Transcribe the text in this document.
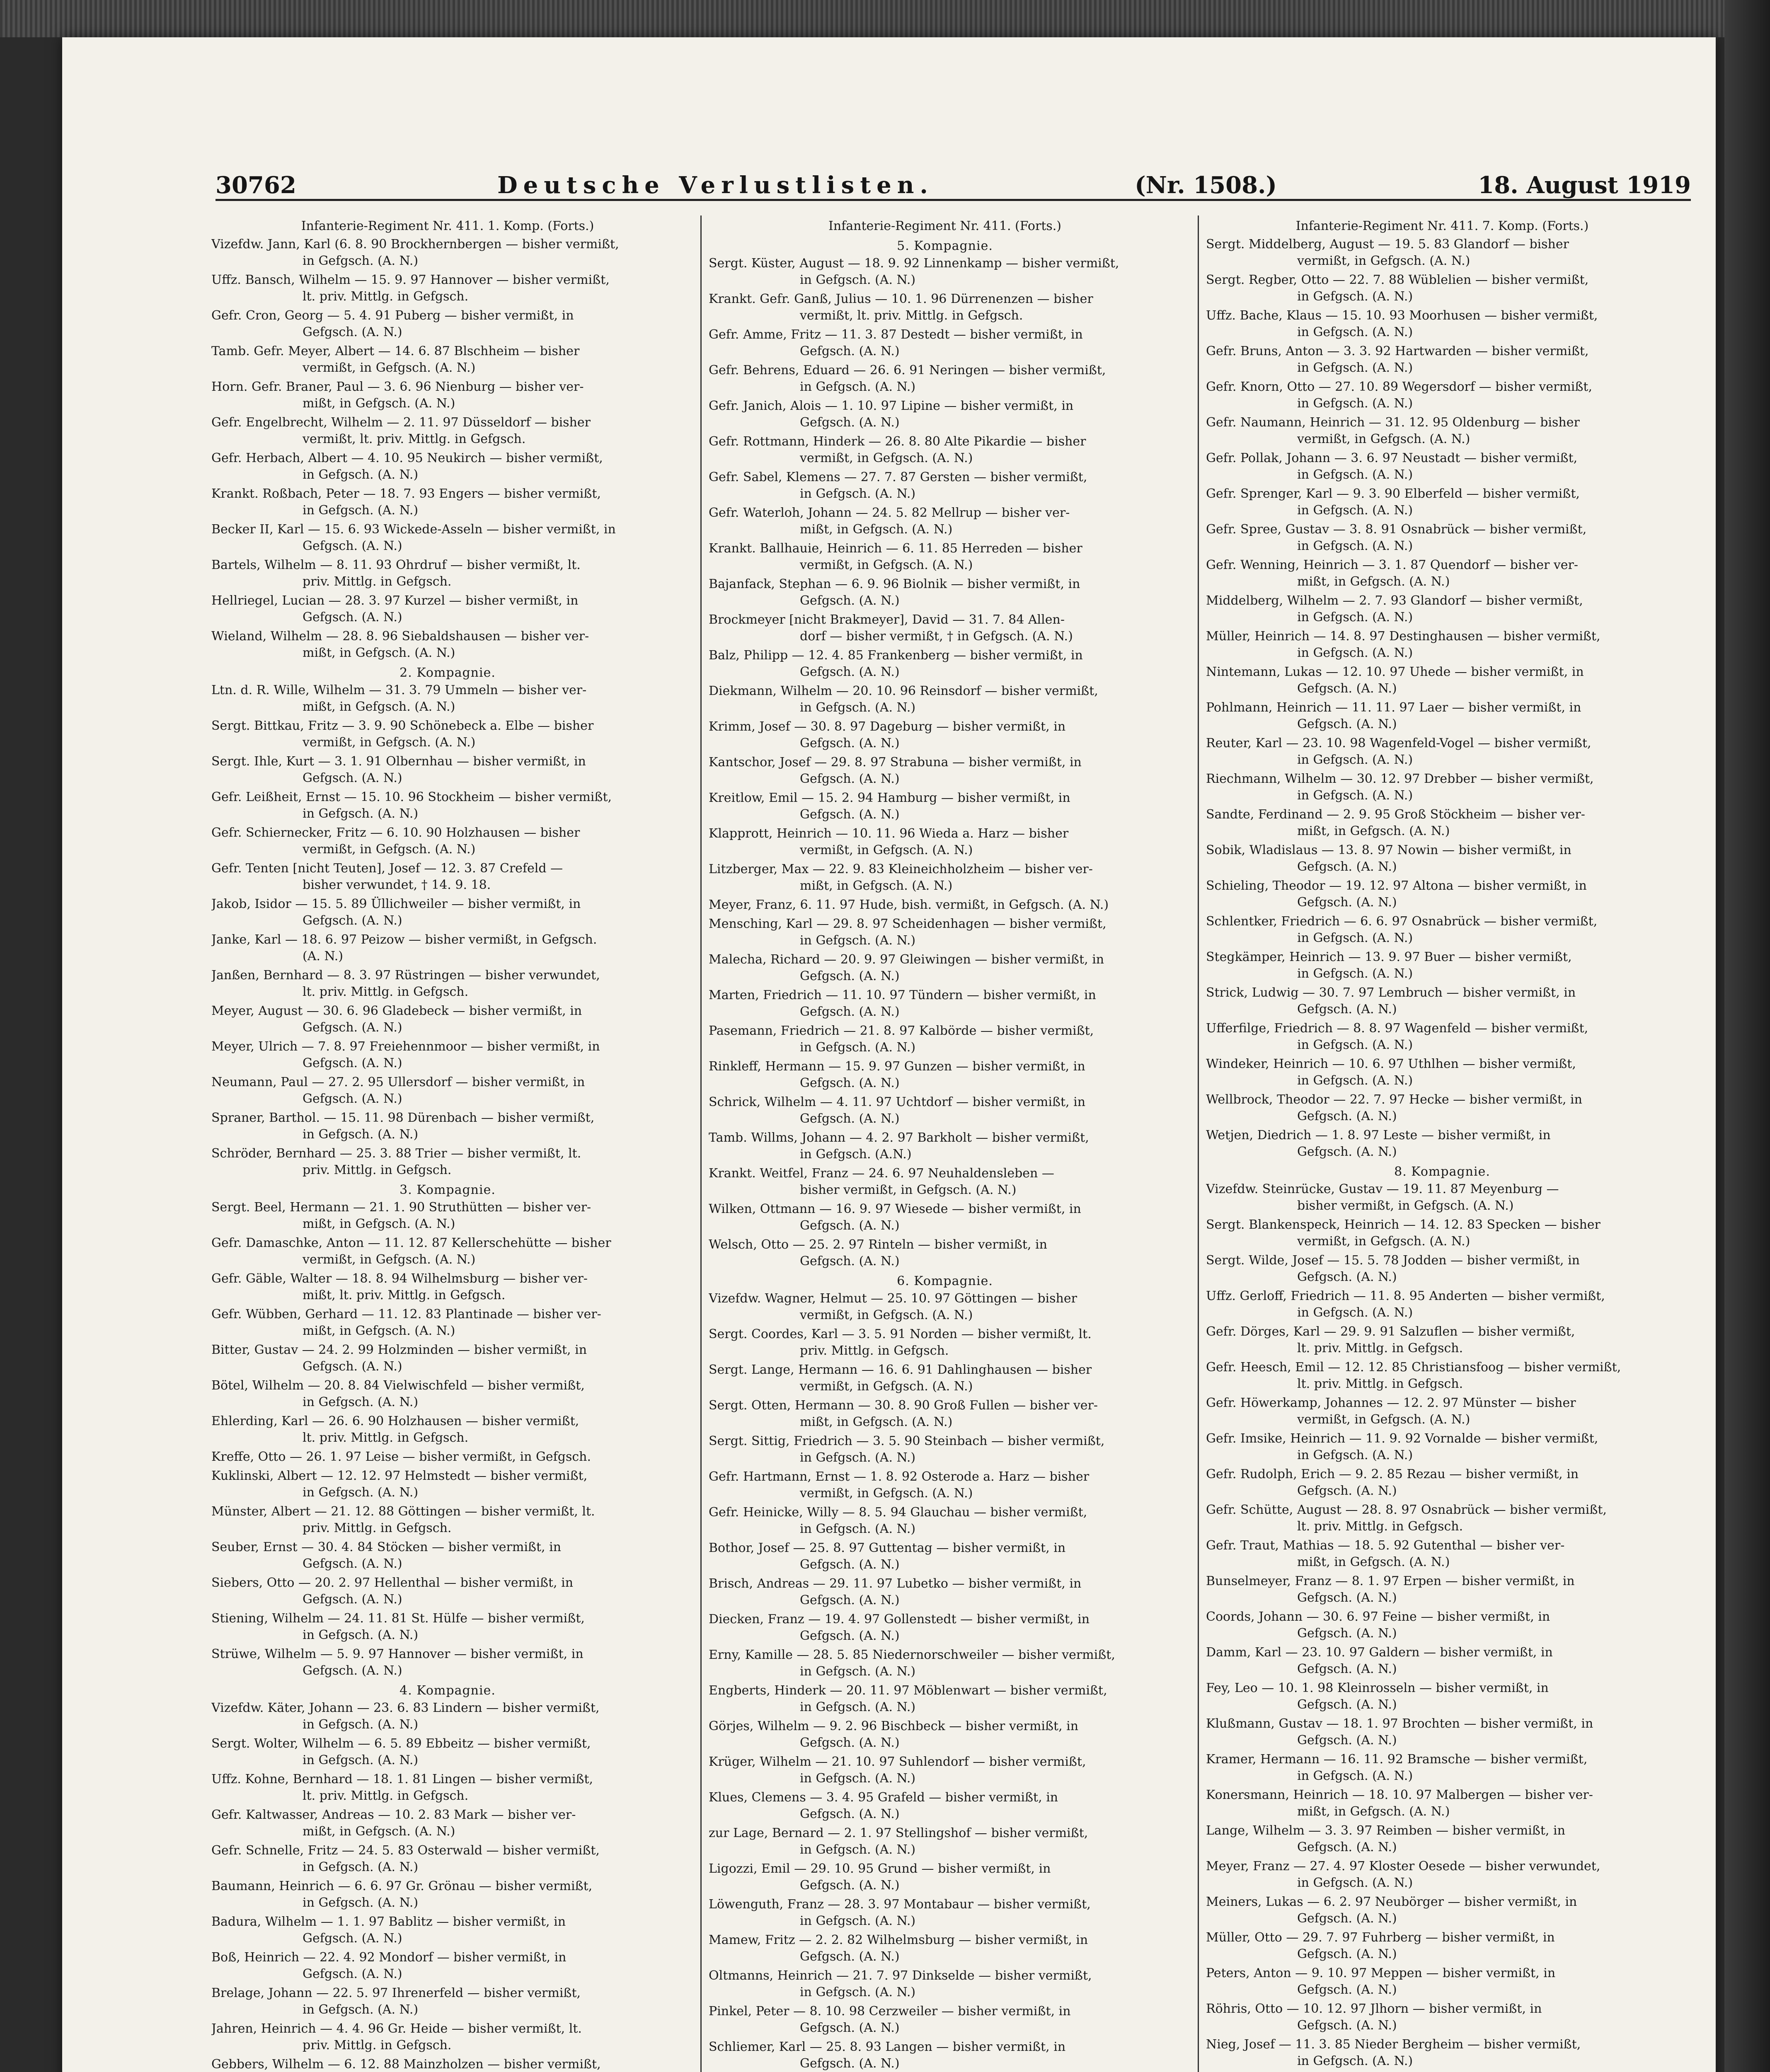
30762	Deutsche Verlustlisten.	(Nr. 1508.)	18. August 1919
Infanterie-Regiment Nr. 411. 1. Komp. (Forts.)
Vizefdw. Jann, Karl (6. 8. 90 Brockhernbergen — bisher vermißt,
in Gefgsch. (A. N.)
Uffz. Bansch, Wilhelm — 15. 9. 97 Hannover — bisher vermißt,
lt. priv. Mittlg. in Gefgsch.
Gefr. Cron, Georg — 5. 4. 91 Puberg — bisher vermißt, in
Gefgsch. (A. N.)
Tamb. Gefr. Meyer, Albert — 14. 6. 87 Blschheim — bisher
vermißt, in Gefgsch. (A. N.)
Horn. Gefr. Braner, Paul — 3. 6. 96 Nienburg — bisher ver-
mißt, in Gefgsch. (A. N.)
Gefr. Engelbrecht, Wilhelm — 2. 11. 97 Düsseldorf — bisher
vermißt, lt. priv. Mittlg. in Gefgsch.
Gefr. Herbach, Albert — 4. 10. 95 Neukirch — bisher vermißt,
in Gefgsch. (A. N.)
Krankt. Roßbach, Peter — 18. 7. 93 Engers — bisher vermißt,
in Gefgsch. (A. N.)
Becker II, Karl — 15. 6. 93 Wickede-Asseln — bisher vermißt, in
Gefgsch. (A. N.)
Bartels, Wilhelm — 8. 11. 93 Ohrdruf — bisher vermißt, lt.
priv. Mittlg. in Gefgsch.
Hellriegel, Lucian — 28. 3. 97 Kurzel — bisher vermißt, in
Gefgsch. (A. N.)
Wieland, Wilhelm — 28. 8. 96 Siebaldshausen — bisher ver-
mißt, in Gefgsch. (A. N.)
2. Kompagnie.
Ltn. d. R. Wille, Wilhelm — 31. 3. 79 Ummeln — bisher ver-
mißt, in Gefgsch. (A. N.)
Sergt. Bittkau, Fritz — 3. 9. 90 Schönebeck a. Elbe — bisher
vermißt, in Gefgsch. (A. N.)
Sergt. Ihle, Kurt — 3. 1. 91 Olbernhau — bisher vermißt, in
Gefgsch. (A. N.)
Gefr. Leißheit, Ernst — 15. 10. 96 Stockheim — bisher vermißt,
in Gefgsch. (A. N.)
Gefr. Schiernecker, Fritz — 6. 10. 90 Holzhausen — bisher
vermißt, in Gefgsch. (A. N.)
Gefr. Tenten [nicht Teuten], Josef — 12. 3. 87 Crefeld —
bisher verwundet, † 14. 9. 18.
Jakob, Isidor — 15. 5. 89 Üllichweiler — bisher vermißt, in
Gefgsch. (A. N.)
Janke, Karl — 18. 6. 97 Peizow — bisher vermißt, in Gefgsch.
(A. N.)
Janßen, Bernhard — 8. 3. 97 Rüstringen — bisher verwundet,
lt. priv. Mittlg. in Gefgsch.
Meyer, August — 30. 6. 96 Gladebeck — bisher vermißt, in
Gefgsch. (A. N.)
Meyer, Ulrich — 7. 8. 97 Freiehennmoor — bisher vermißt, in
Gefgsch. (A. N.)
Neumann, Paul — 27. 2. 95 Ullersdorf — bisher vermißt, in
Gefgsch. (A. N.)
Spraner, Barthol. — 15. 11. 98 Dürenbach — bisher vermißt,
in Gefgsch. (A. N.)
Schröder, Bernhard — 25. 3. 88 Trier — bisher vermißt, lt.
priv. Mittlg. in Gefgsch.
3. Kompagnie.
Sergt. Beel, Hermann — 21. 1. 90 Struthütten — bisher ver-
mißt, in Gefgsch. (A. N.)
Gefr. Damaschke, Anton — 11. 12. 87 Kellerschehütte — bisher
vermißt, in Gefgsch. (A. N.)
Gefr. Gäble, Walter — 18. 8. 94 Wilhelmsburg — bisher ver-
mißt, lt. priv. Mittlg. in Gefgsch.
Gefr. Wübben, Gerhard — 11. 12. 83 Plantinade — bisher ver-
mißt, in Gefgsch. (A. N.)
Bitter, Gustav — 24. 2. 99 Holzminden — bisher vermißt, in
Gefgsch. (A. N.)
Bötel, Wilhelm — 20. 8. 84 Vielwischfeld — bisher vermißt,
in Gefgsch. (A. N.)
Ehlerding, Karl — 26. 6. 90 Holzhausen — bisher vermißt,
lt. priv. Mittlg. in Gefgsch.
Kreffe, Otto — 26. 1. 97 Leise — bisher vermißt, in Gefgsch.
Kuklinski, Albert — 12. 12. 97 Helmstedt — bisher vermißt,
in Gefgsch. (A. N.)
Münster, Albert — 21. 12. 88 Göttingen — bisher vermißt, lt.
priv. Mittlg. in Gefgsch.
Seuber, Ernst — 30. 4. 84 Stöcken — bisher vermißt, in
Gefgsch. (A. N.)
Siebers, Otto — 20. 2. 97 Hellenthal — bisher vermißt, in
Gefgsch. (A. N.)
Stiening, Wilhelm — 24. 11. 81 St. Hülfe — bisher vermißt,
in Gefgsch. (A. N.)
Strüwe, Wilhelm — 5. 9. 97 Hannover — bisher vermißt, in
Gefgsch. (A. N.)
4. Kompagnie.
Vizefdw. Käter, Johann — 23. 6. 83 Lindern — bisher vermißt,
in Gefgsch. (A. N.)
Sergt. Wolter, Wilhelm — 6. 5. 89 Ebbeitz — bisher vermißt,
in Gefgsch. (A. N.)
Uffz. Kohne, Bernhard — 18. 1. 81 Lingen — bisher vermißt,
lt. priv. Mittlg. in Gefgsch.
Gefr. Kaltwasser, Andreas — 10. 2. 83 Mark — bisher ver-
mißt, in Gefgsch. (A. N.)
Gefr. Schnelle, Fritz — 24. 5. 83 Osterwald — bisher vermißt,
in Gefgsch. (A. N.)
Baumann, Heinrich — 6. 6. 97 Gr. Grönau — bisher vermißt,
in Gefgsch. (A. N.)
Badura, Wilhelm — 1. 1. 97 Bablitz — bisher vermißt, in
Gefgsch. (A. N.)
Boß, Heinrich — 22. 4. 92 Mondorf — bisher vermißt, in
Gefgsch. (A. N.)
Brelage, Johann — 22. 5. 97 Ihrenerfeld — bisher vermißt,
in Gefgsch. (A. N.)
Jahren, Heinrich — 4. 4. 96 Gr. Heide — bisher vermißt, lt.
priv. Mittlg. in Gefgsch.
Gebbers, Wilhelm — 6. 12. 88 Mainzholzen — bisher vermißt,
Infanterie-Regiment Nr. 411. (Forts.)
5. Kompagnie.
Sergt. Küster, August — 18. 9. 92 Linnenkamp — bisher vermißt,
in Gefgsch. (A. N.)
Krankt. Gefr. Ganß, Julius — 10. 1. 96 Dürrenenzen — bisher
vermißt, lt. priv. Mittlg. in Gefgsch.
Gefr. Amme, Fritz — 11. 3. 87 Destedt — bisher vermißt, in
Gefgsch. (A. N.)
Gefr. Behrens, Eduard — 26. 6. 91 Neringen — bisher vermißt,
in Gefgsch. (A. N.)
Gefr. Janich, Alois — 1. 10. 97 Lipine — bisher vermißt, in
Gefgsch. (A. N.)
Gefr. Rottmann, Hinderk — 26. 8. 80 Alte Pikardie — bisher
vermißt, in Gefgsch. (A. N.)
Gefr. Sabel, Klemens — 27. 7. 87 Gersten — bisher vermißt,
in Gefgsch. (A. N.)
Gefr. Waterloh, Johann — 24. 5. 82 Mellrup — bisher ver-
mißt, in Gefgsch. (A. N.)
Krankt. Ballhauie, Heinrich — 6. 11. 85 Herreden — bisher
vermißt, in Gefgsch. (A. N.)
Bajanfack, Stephan — 6. 9. 96 Biolnik — bisher vermißt, in
Gefgsch. (A. N.)
Brockmeyer [nicht Brakmeyer], David — 31. 7. 84 Allen-
dorf — bisher vermißt, † in Gefgsch. (A. N.)
Balz, Philipp — 12. 4. 85 Frankenberg — bisher vermißt, in
Gefgsch. (A. N.)
Diekmann, Wilhelm — 20. 10. 96 Reinsdorf — bisher vermißt,
in Gefgsch. (A. N.)
Krimm, Josef — 30. 8. 97 Dageburg — bisher vermißt, in
Gefgsch. (A. N.)
Kantschor, Josef — 29. 8. 97 Strabuna — bisher vermißt, in
Gefgsch. (A. N.)
Kreitlow, Emil — 15. 2. 94 Hamburg — bisher vermißt, in
Gefgsch. (A. N.)
Klapprott, Heinrich — 10. 11. 96 Wieda a. Harz — bisher
vermißt, in Gefgsch. (A. N.)
Litzberger, Max — 22. 9. 83 Kleineichholzheim — bisher ver-
mißt, in Gefgsch. (A. N.)
Meyer, Franz, 6. 11. 97 Hude, bish. vermißt, in Gefgsch. (A. N.)
Mensching, Karl — 29. 8. 97 Scheidenhagen — bisher vermißt,
in Gefgsch. (A. N.)
Malecha, Richard — 20. 9. 97 Gleiwingen — bisher vermißt, in
Gefgsch. (A. N.)
Marten, Friedrich — 11. 10. 97 Tündern — bisher vermißt, in
Gefgsch. (A. N.)
Pasemann, Friedrich — 21. 8. 97 Kalbörde — bisher vermißt,
in Gefgsch. (A. N.)
Rinkleff, Hermann — 15. 9. 97 Gunzen — bisher vermißt, in
Gefgsch. (A. N.)
Schrick, Wilhelm — 4. 11. 97 Uchtdorf — bisher vermißt, in
Gefgsch. (A. N.)
Tamb. Willms, Johann — 4. 2. 97 Barkholt — bisher vermißt,
in Gefgsch. (A.N.)
Krankt. Weitfel, Franz — 24. 6. 97 Neuhaldensleben —
bisher vermißt, in Gefgsch. (A. N.)
Wilken, Ottmann — 16. 9. 97 Wiesede — bisher vermißt, in
Gefgsch. (A. N.)
Welsch, Otto — 25. 2. 97 Rinteln — bisher vermißt, in
Gefgsch. (A. N.)
6. Kompagnie.
Vizefdw. Wagner, Helmut — 25. 10. 97 Göttingen — bisher
vermißt, in Gefgsch. (A. N.)
Sergt. Coordes, Karl — 3. 5. 91 Norden — bisher vermißt, lt.
priv. Mittlg. in Gefgsch.
Sergt. Lange, Hermann — 16. 6. 91 Dahlinghausen — bisher
vermißt, in Gefgsch. (A. N.)
Sergt. Otten, Hermann — 30. 8. 90 Groß Fullen — bisher ver-
mißt, in Gefgsch. (A. N.)
Sergt. Sittig, Friedrich — 3. 5. 90 Steinbach — bisher vermißt,
in Gefgsch. (A. N.)
Gefr. Hartmann, Ernst — 1. 8. 92 Osterode a. Harz — bisher
vermißt, in Gefgsch. (A. N.)
Gefr. Heinicke, Willy — 8. 5. 94 Glauchau — bisher vermißt,
in Gefgsch. (A. N.)
Bothor, Josef — 25. 8. 97 Guttentag — bisher vermißt, in
Gefgsch. (A. N.)
Brisch, Andreas — 29. 11. 97 Lubetko — bisher vermißt, in
Gefgsch. (A. N.)
Diecken, Franz — 19. 4. 97 Gollenstedt — bisher vermißt, in
Gefgsch. (A. N.)
Erny, Kamille — 28. 5. 85 Niedernorschweiler — bisher vermißt,
in Gefgsch. (A. N.)
Engberts, Hinderk — 20. 11. 97 Möblenwart — bisher vermißt,
in Gefgsch. (A. N.)
Görjes, Wilhelm — 9. 2. 96 Bischbeck — bisher vermißt, in
Gefgsch. (A. N.)
Krüger, Wilhelm — 21. 10. 97 Suhlendorf — bisher vermißt,
in Gefgsch. (A. N.)
Klues, Clemens — 3. 4. 95 Grafeld — bisher vermißt, in
Gefgsch. (A. N.)
zur Lage, Bernard — 2. 1. 97 Stellingshof — bisher vermißt,
in Gefgsch. (A. N.)
Ligozzi, Emil — 29. 10. 95 Grund — bisher vermißt, in
Gefgsch. (A. N.)
Löwenguth, Franz — 28. 3. 97 Montabaur — bisher vermißt,
in Gefgsch. (A. N.)
Mamew, Fritz — 2. 2. 82 Wilhelmsburg — bisher vermißt, in
Gefgsch. (A. N.)
Oltmanns, Heinrich — 21. 7. 97 Dinkselde — bisher vermißt,
in Gefgsch. (A. N.)
Pinkel, Peter — 8. 10. 98 Cerzweiler — bisher vermißt, in
Gefgsch. (A. N.)
Schliemer, Karl — 25. 8. 93 Langen — bisher vermißt, in
Gefgsch. (A. N.)
Infanterie-Regiment Nr. 411. 7. Komp. (Forts.)
Sergt. Middelberg, August — 19. 5. 83 Glandorf — bisher
vermißt, in Gefgsch. (A. N.)
Sergt. Regber, Otto — 22. 7. 88 Wüblelien — bisher vermißt,
in Gefgsch. (A. N.)
Uffz. Bache, Klaus — 15. 10. 93 Moorhusen — bisher vermißt,
in Gefgsch. (A. N.)
Gefr. Bruns, Anton — 3. 3. 92 Hartwarden — bisher vermißt,
in Gefgsch. (A. N.)
Gefr. Knorn, Otto — 27. 10. 89 Wegersdorf — bisher vermißt,
in Gefgsch. (A. N.)
Gefr. Naumann, Heinrich — 31. 12. 95 Oldenburg — bisher
vermißt, in Gefgsch. (A. N.)
Gefr. Pollak, Johann — 3. 6. 97 Neustadt — bisher vermißt,
in Gefgsch. (A. N.)
Gefr. Sprenger, Karl — 9. 3. 90 Elberfeld — bisher vermißt,
in Gefgsch. (A. N.)
Gefr. Spree, Gustav — 3. 8. 91 Osnabrück — bisher vermißt,
in Gefgsch. (A. N.)
Gefr. Wenning, Heinrich — 3. 1. 87 Quendorf — bisher ver-
mißt, in Gefgsch. (A. N.)
Middelberg, Wilhelm — 2. 7. 93 Glandorf — bisher vermißt,
in Gefgsch. (A. N.)
Müller, Heinrich — 14. 8. 97 Destinghausen — bisher vermißt,
in Gefgsch. (A. N.)
Nintemann, Lukas — 12. 10. 97 Uhede — bisher vermißt, in
Gefgsch. (A. N.)
Pohlmann, Heinrich — 11. 11. 97 Laer — bisher vermißt, in
Gefgsch. (A. N.)
Reuter, Karl — 23. 10. 98 Wagenfeld-Vogel — bisher vermißt,
in Gefgsch. (A. N.)
Riechmann, Wilhelm — 30. 12. 97 Drebber — bisher vermißt,
in Gefgsch. (A. N.)
Sandte, Ferdinand — 2. 9. 95 Groß Stöckheim — bisher ver-
mißt, in Gefgsch. (A. N.)
Sobik, Wladislaus — 13. 8. 97 Nowin — bisher vermißt, in
Gefgsch. (A. N.)
Schieling, Theodor — 19. 12. 97 Altona — bisher vermißt, in
Gefgsch. (A. N.)
Schlentker, Friedrich — 6. 6. 97 Osnabrück — bisher vermißt,
in Gefgsch. (A. N.)
Stegkämper, Heinrich — 13. 9. 97 Buer — bisher vermißt,
in Gefgsch. (A. N.)
Strick, Ludwig — 30. 7. 97 Lembruch — bisher vermißt, in
Gefgsch. (A. N.)
Ufferfilge, Friedrich — 8. 8. 97 Wagenfeld — bisher vermißt,
in Gefgsch. (A. N.)
Windeker, Heinrich — 10. 6. 97 Uthlhen — bisher vermißt,
in Gefgsch. (A. N.)
Wellbrock, Theodor — 22. 7. 97 Hecke — bisher vermißt, in
Gefgsch. (A. N.)
Wetjen, Diedrich — 1. 8. 97 Leste — bisher vermißt, in
Gefgsch. (A. N.)
8. Kompagnie.
Vizefdw. Steinrücke, Gustav — 19. 11. 87 Meyenburg —
bisher vermißt, in Gefgsch. (A. N.)
Sergt. Blankenspeck, Heinrich — 14. 12. 83 Specken — bisher
vermißt, in Gefgsch. (A. N.)
Sergt. Wilde, Josef — 15. 5. 78 Jodden — bisher vermißt, in
Gefgsch. (A. N.)
Uffz. Gerloff, Friedrich — 11. 8. 95 Anderten — bisher vermißt,
in Gefgsch. (A. N.)
Gefr. Dörges, Karl — 29. 9. 91 Salzuflen — bisher vermißt,
lt. priv. Mittlg. in Gefgsch.
Gefr. Heesch, Emil — 12. 12. 85 Christiansfoog — bisher vermißt,
lt. priv. Mittlg. in Gefgsch.
Gefr. Höwerkamp, Johannes — 12. 2. 97 Münster — bisher
vermißt, in Gefgsch. (A. N.)
Gefr. Imsike, Heinrich — 11. 9. 92 Vornalde — bisher vermißt,
in Gefgsch. (A. N.)
Gefr. Rudolph, Erich — 9. 2. 85 Rezau — bisher vermißt, in
Gefgsch. (A. N.)
Gefr. Schütte, August — 28. 8. 97 Osnabrück — bisher vermißt,
lt. priv. Mittlg. in Gefgsch.
Gefr. Traut, Mathias — 18. 5. 92 Gutenthal — bisher ver-
mißt, in Gefgsch. (A. N.)
Bunselmeyer, Franz — 8. 1. 97 Erpen — bisher vermißt, in
Gefgsch. (A. N.)
Coords, Johann — 30. 6. 97 Feine — bisher vermißt, in
Gefgsch. (A. N.)
Damm, Karl — 23. 10. 97 Galdern — bisher vermißt, in
Gefgsch. (A. N.)
Fey, Leo — 10. 1. 98 Kleinrosseln — bisher vermißt, in
Gefgsch. (A. N.)
Klußmann, Gustav — 18. 1. 97 Brochten — bisher vermißt, in
Gefgsch. (A. N.)
Kramer, Hermann — 16. 11. 92 Bramsche — bisher vermißt,
in Gefgsch. (A. N.)
Konersmann, Heinrich — 18. 10. 97 Malbergen — bisher ver-
mißt, in Gefgsch. (A. N.)
Lange, Wilhelm — 3. 3. 97 Reimben — bisher vermißt, in
Gefgsch. (A. N.)
Meyer, Franz — 27. 4. 97 Kloster Oesede — bisher verwundet,
in Gefgsch. (A. N.)
Meiners, Lukas — 6. 2. 97 Neubörger — bisher vermißt, in
Gefgsch. (A. N.)
Müller, Otto — 29. 7. 97 Fuhrberg — bisher vermißt, in
Gefgsch. (A. N.)
Peters, Anton — 9. 10. 97 Meppen — bisher vermißt, in
Gefgsch. (A. N.)
Röhris, Otto — 10. 12. 97 Jlhorn — bisher vermißt, in
Gefgsch. (A. N.)
Nieg, Josef — 11. 3. 85 Nieder Bergheim — bisher vermißt,
in Gefgsch. (A. N.)
